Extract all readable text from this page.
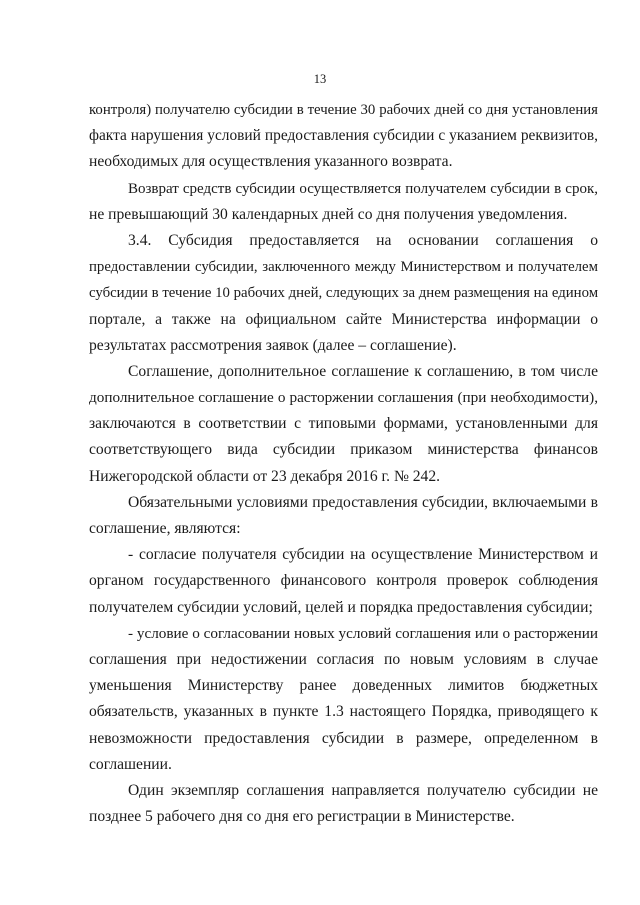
13
контроля) получателю субсидии в течение 30 рабочих дней со дня установления
факта нарушения условий предоставления субсидии с указанием реквизитов,
необходимых для осуществления указанного возврата.
Возврат средств субсидии осуществляется получателем субсидии в срок,
не превышающий 30 календарных дней со дня получения уведомления.
3.4. Субсидия предоставляется на основании соглашения о
предоставлении субсидии, заключенного между Министерством и получателем
субсидии в течение 10 рабочих дней, следующих за днем размещения на едином
портале, а также на официальном сайте Министерства информации о
результатах рассмотрения заявок (далее – соглашение).
Соглашение, дополнительное соглашение к соглашению, в том числе
дополнительное соглашение о расторжении соглашения (при необходимости),
заключаются в соответствии с типовыми формами, установленными для
соответствующего вида субсидии приказом министерства финансов
Нижегородской области от 23 декабря 2016 г. № 242.
Обязательными условиями предоставления субсидии, включаемыми в
соглашение, являются:
- согласие получателя субсидии на осуществление Министерством и
органом государственного финансового контроля проверок соблюдения
получателем субсидии условий, целей и порядка предоставления субсидии;
- условие о согласовании новых условий соглашения или о расторжении
соглашения при недостижении согласия по новым условиям в случае
уменьшения Министерству ранее доведенных лимитов бюджетных
обязательств, указанных в пункте 1.3 настоящего Порядка, приводящего к
невозможности предоставления субсидии в размере, определенном в
соглашении.
Один экземпляр соглашения направляется получателю субсидии не
позднее 5 рабочего дня со дня его регистрации в Министерстве.
